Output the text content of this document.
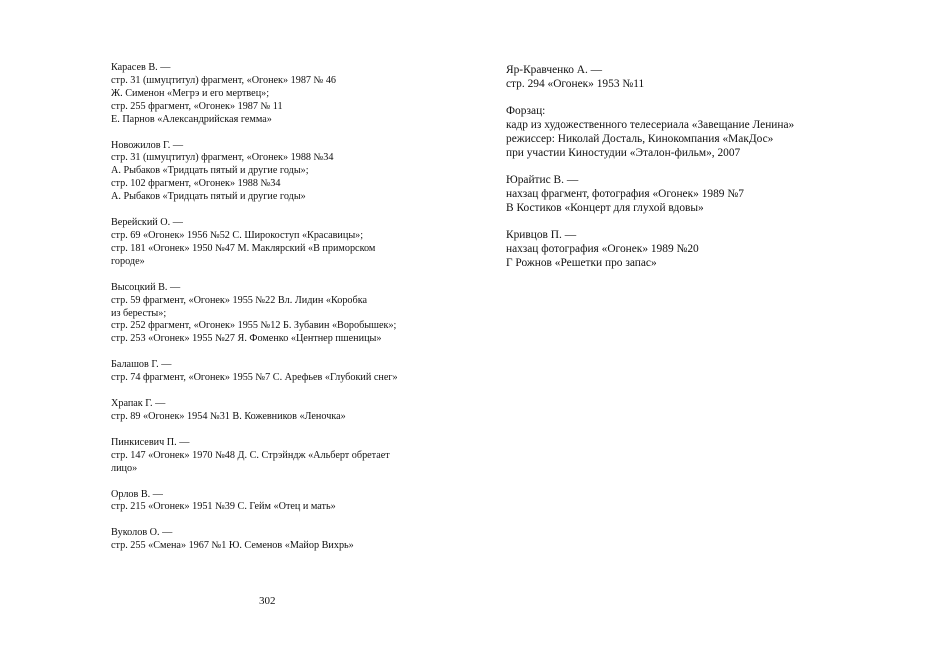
Карасев В. —
стр. 31 (шмуцтитул) фрагмент, «Огонек» 1987 № 46
Ж. Сименон «Мегрэ и его мертвец»;
стр. 255 фрагмент, «Огонек» 1987 № 11
Е. Парнов «Александрийская гемма»
Новожилов Г. —
стр. 31 (шмуцтитул) фрагмент, «Огонек» 1988 №34
А. Рыбаков «Тридцать пятый и другие годы»;
стр. 102 фрагмент, «Огонек» 1988 №34
А. Рыбаков «Тридцать пятый и другие годы»
Верейский О. —
стр. 69 «Огонек» 1956 №52 С. Широкоступ «Красавицы»;
стр. 181 «Огонек» 1950 №47 М. Маклярский «В приморском
городе»
Высоцкий В. —
стр. 59 фрагмент, «Огонек» 1955 №22 Вл. Лидин «Коробка
из бересты»;
стр. 252 фрагмент, «Огонек» 1955 №12 Б. Зубавин «Воробышек»;
стр. 253 «Огонек» 1955 №27 Я. Фоменко «Центнер пшеницы»
Балашов Г. —
стр. 74 фрагмент, «Огонек» 1955 №7 С. Арефьев «Глубокий снег»
Храпак Г. —
стр. 89 «Огонек» 1954 №31 В. Кожевников «Леночка»
Пинкисевич П. —
стр. 147 «Огонек» 1970 №48 Д. С. Стрэйндж «Альберт обретает
лицо»
Орлов В. —
стр. 215 «Огонек» 1951 №39 С. Гейм «Отец и мать»
Вуколов О. —
стр. 255 «Смена» 1967 №1 Ю. Семенов «Майор Вихрь»
Яр-Кравченко А. —
стр. 294 «Огонек» 1953 №11
Форзац:
кадр из художественного телесериала «Завещание Ленина»
режиссер: Николай Досталь, Кинокомпания «МакДос»
при участии Киностудии «Эталон-фильм», 2007
Юрайтис В. —
нахзац фрагмент, фотография «Огонек» 1989 №7
В Костиков «Концерт для глухой вдовы»
Кривцов П. —
нахзац фотография «Огонек» 1989 №20
Г Рожнов «Решетки про запас»
302
